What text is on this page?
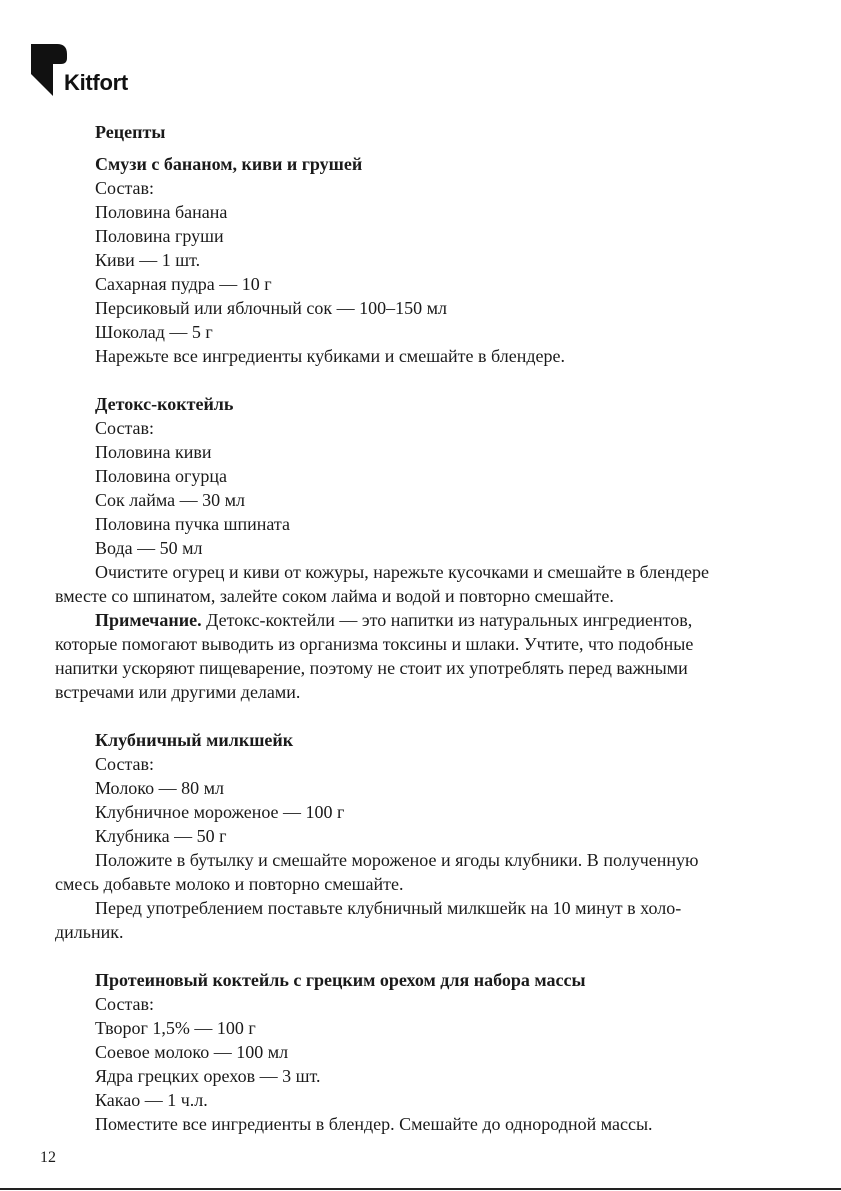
Kitfort

Рецепты

Смузи с бананом, киви и грушей

Состав:

Половина банана

Половина груши

Киви — 1 шт.

Сахарная пудра — 10 г

Персиковый или яблочный сок — 100–150 мл

Шоколад — 5 г

Нарежьте все ингредиенты кубиками и смешайте в блендере.

Детокс-коктейль

Состав:

Половина киви

Половина огурца

Сок лайма — 30 мл

Половина пучка шпината

Вода — 50 мл

Очистите огурец и киви от кожуры, нарежьте кусочками и смешайте в блендере
вместе со шпинатом, залейте соком лайма и водой и повторно смешайте.
Примечание. Детокс-коктейли — это напитки из натуральных ингредиентов,
которые помогают выводить из организма токсины и шлаки. Учтите, что подобные
напитки ускоряют пищеварение, поэтому не стоит их употреблять перед важными
встречами или другими делами.

Клубничный милкшейк

Состав:

Молоко — 80 мл

Клубничное мороженое — 100 г

Клубника — 50 г

Положите в бутылку и смешайте мороженое и ягоды клубники. В полученную
смесь добавьте молоко и повторно смешайте.
Перед употреблением поставьте клубничный милкшейк на 10 минут в холо-
дильник.

Протеиновый коктейль с грецким орехом для набора массы

Состав:

Творог 1,5% — 100 г

Соевое молоко — 100 мл

Ядра грецких орехов — 3 шт.

Какао — 1 ч.л.

Поместите все ингредиенты в блендер. Смешайте до однородной массы.

12
